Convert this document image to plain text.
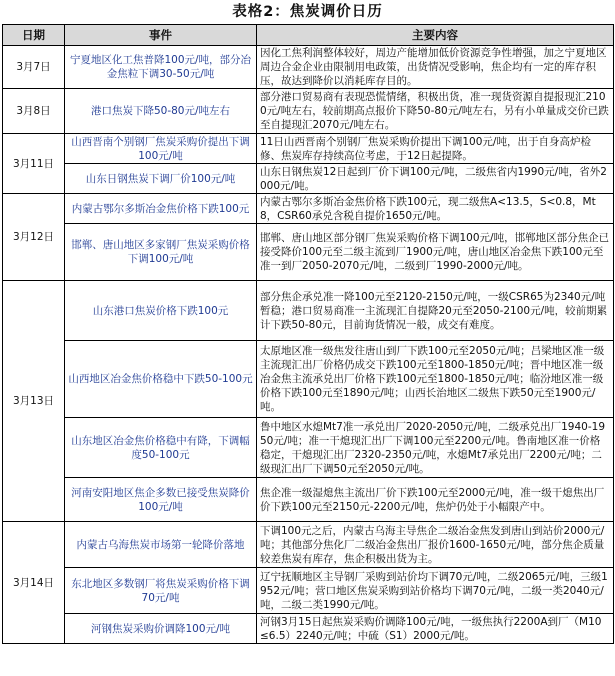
表格2：焦炭调价日历
日期	事件	主要内容
3月7日	宁夏地区化工焦普降100元/吨，部分冶金焦粒下调30-50元/吨	因化工焦利润整体较好，周边产能增加低价资源竞争性增强，加之宁夏地区周边合金企业由限制用电政策，出货情况受影响，焦企均有一定的库存积压，故达到降价以消耗库存目的。
3月8日	港口焦炭下降50-80元/吨左右	部分港口贸易商有表现恐慌情绪，积极出货，准一现货资源自提报现汇2100元/吨左右，较前期高点报价下降50-80元/吨左右，另有小单量成交价已跌至自提现汇2070元/吨左右。
3月11日	山西晋南个别钢厂焦炭采购价提出下调100元/吨	11日山西晋南个别钢厂焦炭采购价提出下调100元/吨，出于自身高炉检修、焦炭库存持续高位考虑，于12日起提降。
	山东日钢焦炭下调厂价100元/吨	山东日钢焦炭12日起到厂价下调100元/吨，二级焦省内1990元/吨，省外2000元/吨。
3月12日	内蒙古鄂尔多斯冶金焦价格下跌100元	内蒙古鄂尔多斯冶金焦价格下跌100元，现二级焦A<13.5，S<0.8，Mt8，CSR60承兑含税自提价1650元/吨。
	邯郸、唐山地区多家钢厂焦炭采购价格下调100元/吨	邯郸、唐山地区部分钢厂焦炭采购价格下调100元/吨，邯郸地区部分焦企已接受降价100元至二级主流到厂1900元/吨，唐山地区冶金焦下跌100元至准一到厂2050-2070元/吨，二级到厂1990-2000元/吨。
3月13日	山东港口焦炭价格下跌100元	部分焦企承兑准一降100元至2120-2150元/吨，一级CSR65为2340元/吨暂稳；港口贸易商准一主流现汇自提降20元至2050-2100元/吨，较前期累计下跌50-80元，目前询货情况一般，成交有难度。
	山西地区冶金焦价格稳中下跌50-100元	太原地区准一级焦发往唐山到厂下跌100元至2050元/吨；吕梁地区准一级主流现汇出厂价格仍成交下跌100元至1800-1850元/吨；晋中地区准一级冶金焦主流承兑出厂价格下跌100元至1800-1850元/吨；临汾地区准一级价格下跌100元至1890元/吨；山西长治地区二级焦下跌50元至1900元/吨。
	山东地区冶金焦价格稳中有降，下调幅度50-100元	鲁中地区水熄Mt7准一承兑出厂2020-2050元/吨，二级承兑出厂1940-1950元/吨；准一干熄现汇出厂下调100元至2200元/吨。鲁南地区准一价格稳定，干熄现汇出厂2320-2350元/吨，水熄Mt7承兑出厂2200元/吨；二级现汇出厂下调50元至2050元/吨。
	河南安阳地区焦企多数已接受焦炭降价100元/吨	焦企准一级湿熄焦主流出厂价下跌100元至2000元/吨，准一级干熄焦出厂价下跌100元至2150元-2200元/吨，焦炉仍处于小幅限产中。
3月14日	内蒙古乌海焦炭市场第一轮降价落地	下调100元之后，内蒙古乌海主导焦企二级冶金焦发到唐山到站价2000元/吨；其他部分焦化厂二级冶金焦出厂报价1600-1650元/吨，部分焦企质量较差焦炭有库存，焦企积极出货为主。
	东北地区多数钢厂将焦炭采购价格下调70元/吨	辽宁抚顺地区主导钢厂采购到站价均下调70元/吨，二级2065元/吨，三级1952元/吨；营口地区焦炭采购到站价格均下调70元/吨，二级一类2040元/吨，二级二类1990元/吨。
	河钢焦炭采购价调降100元/吨	河钢3月15日起焦炭采购价调降100元/吨，一级焦执行2200A到厂（M10≤6.5）2240元/吨；中硫（S1）2000元/吨。
